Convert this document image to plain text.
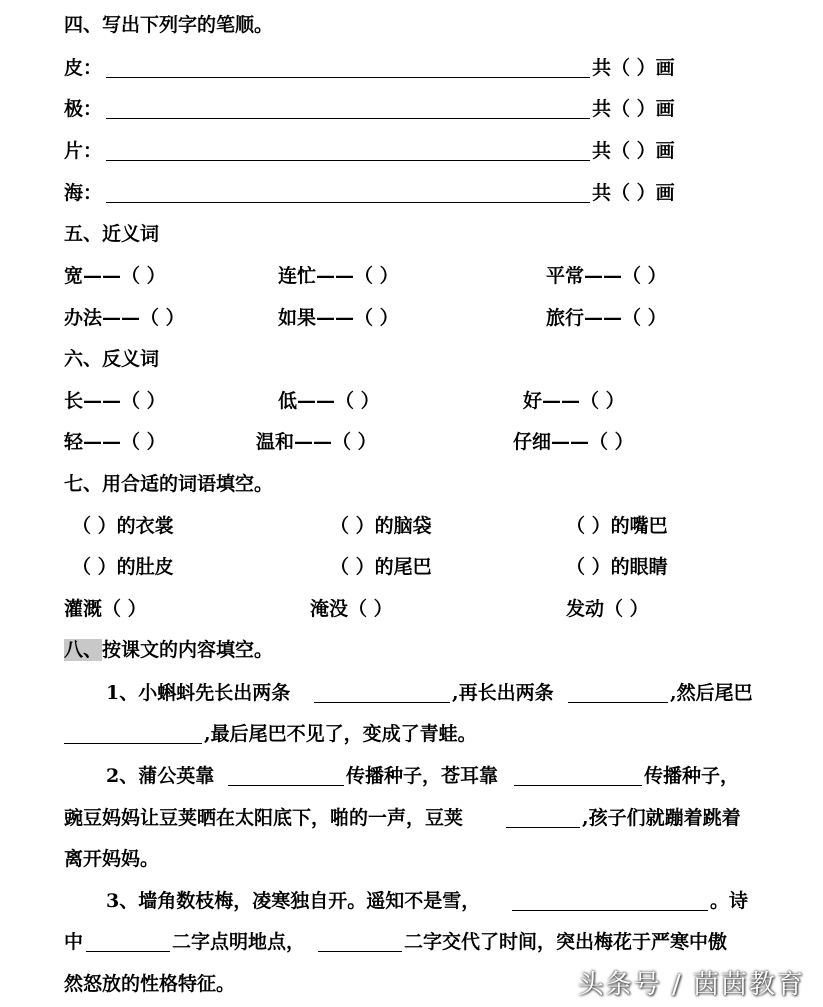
四、写出下列字的笔顺。
皮：	共（ ）画
极：	共（ ）画
片：	共（ ）画
海：	共（ ）画
五、近义词
宽——（ ）	连忙——（ ）	平常——（ ）
办法——（ ）	如果——（ ）	旅行——（ ）
六、反义词
长——（ ）	低——（ ）	好——（ ）
轻——（ ）	温和——（ ）	仔细——（ ）
七、用合适的词语填空。
（ ）的衣裳	（ ）的脑袋	（ ）的嘴巴
（ ）的肚皮	（ ）的尾巴	（ ）的眼睛
灌溉（ ）	淹没（ ）	发动（ ）
八、按课文的内容填空。
1、小蝌蚪先长出两条	,再长出两条	,然后尾巴
,最后尾巴不见了，变成了青蛙。
2、蒲公英靠	传播种子，苍耳靠	传播种子，
豌豆妈妈让豆荚晒在太阳底下，啪的一声，豆荚	,孩子们就蹦着跳着
离开妈妈。
3、墙角数枝梅，凌寒独自开。遥知不是雪，	。诗
中	二字点明地点，	二字交代了时间，突出梅花于严寒中傲
然怒放的性格特征。	头条号 / 茵茵教育
